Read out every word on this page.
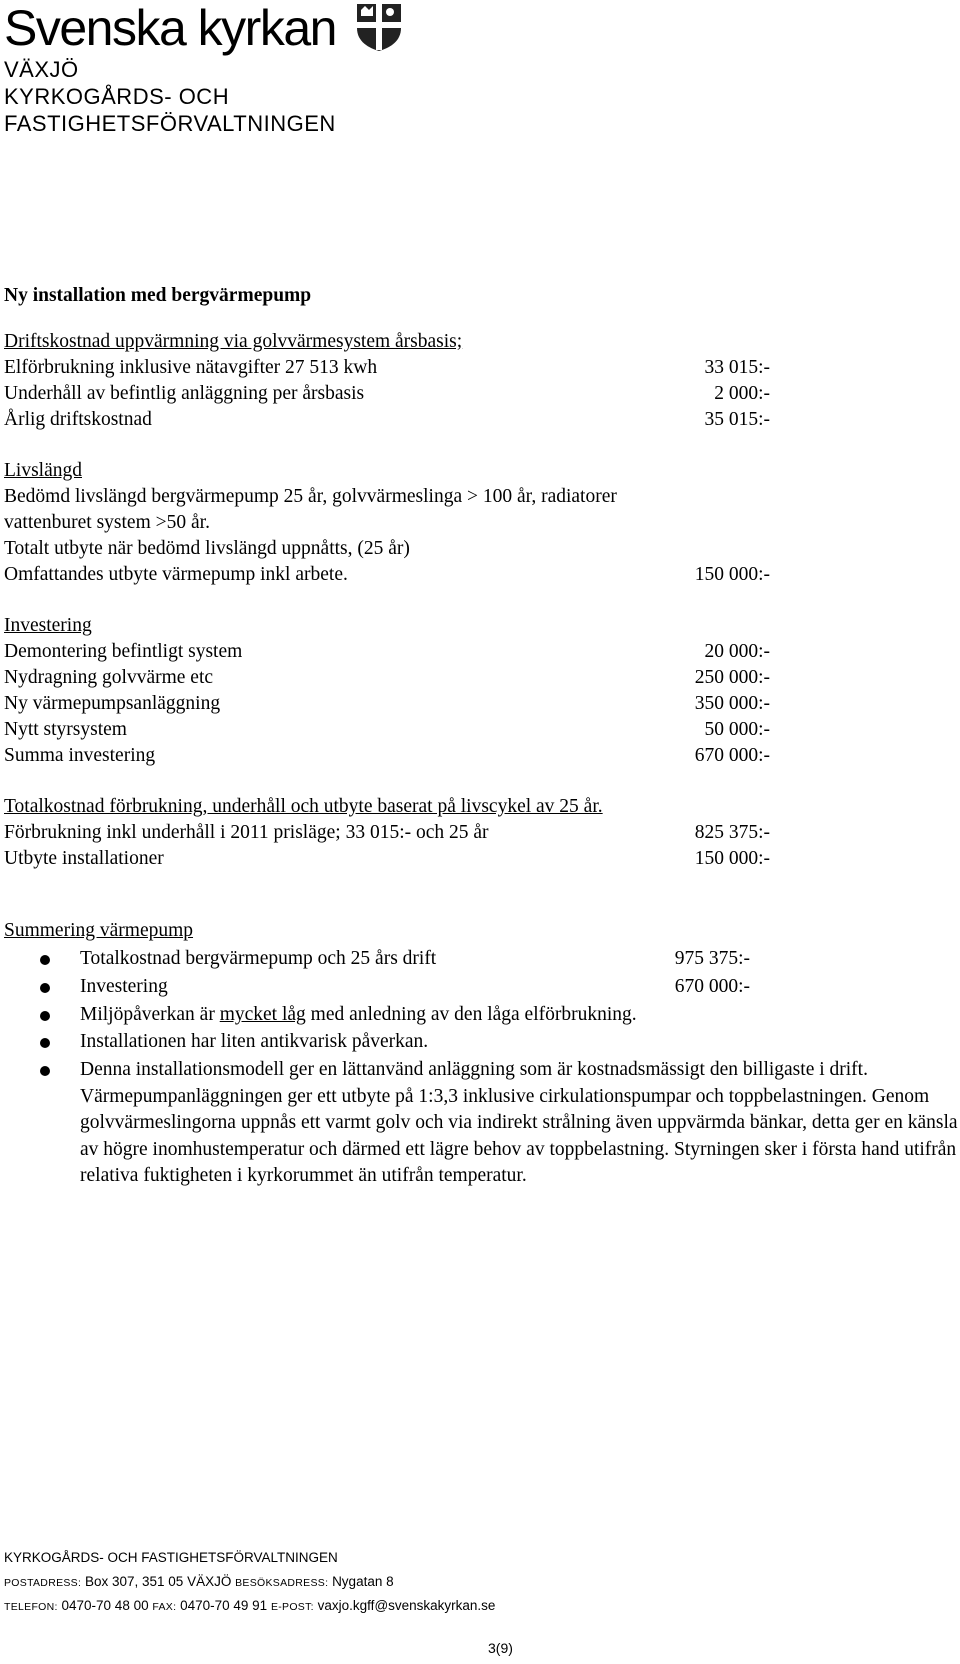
Svenska kyrkan
VÄXJÖ
KYRKOGÅRDS- OCH
FASTIGHETSFÖRVALTNINGEN
Ny installation med bergvärmepump
Driftskostnad uppvärmning via golvvärmesystem årsbasis;
Elförbrukning inklusive nätavgifter 27 513 kwh	33 015:-
Underhåll av befintlig anläggning per årsbasis	2 000:-
Årlig driftskostnad	35 015:-
Livslängd
Bedömd livslängd bergvärmepump 25 år, golvvärmeslinga > 100 år, radiatorer
vattenburet system >50 år.
Totalt utbyte när bedömd livslängd uppnåtts, (25 år)
Omfattandes utbyte värmepump inkl arbete.	150 000:-
Investering
Demontering befintligt system	20 000:-
Nydragning golvvärme etc	250 000:-
Ny värmepumpsanläggning	350 000:-
Nytt styrsystem	50 000:-
Summa investering	670 000:-
Totalkostnad förbrukning, underhåll och utbyte baserat på livscykel av 25 år.
Förbrukning inkl underhåll i 2011 prisläge; 33 015:- och 25 år	825 375:-
Utbyte installationer	150 000:-
Summering värmepump
Totalkostnad bergvärmepump och 25 års drift	975 375:-
Investering	670 000:-
Miljöpåverkan är mycket låg med anledning av den låga elförbrukning.
Installationen har liten antikvarisk påverkan.
Denna installationsmodell ger en lättanvänd anläggning som är kostnadsmässigt den billigaste i drift. Värmepumpanläggningen ger ett utbyte på 1:3,3 inklusive cirkulationspumpar och toppbelastningen. Genom golvvärmeslingorna uppnås ett varmt golv och via indirekt strålning även uppvärmda bänkar, detta ger en känsla av högre inomhustemperatur och därmed ett lägre behov av toppbelastning. Styrningen sker i första hand utifrån relativa fuktigheten i kyrkorummet än utifrån temperatur.
KYRKOGÅRDS- OCH FASTIGHETSFÖRVALTNINGEN
POSTADRESS: Box 307, 351 05 VÄXJÖ BESÖKSADRESS: Nygatan 8
TELEFON: 0470-70 48 00 FAX: 0470-70 49 91 E-POST: vaxjo.kgff@svenskakyrkan.se
3(9)
